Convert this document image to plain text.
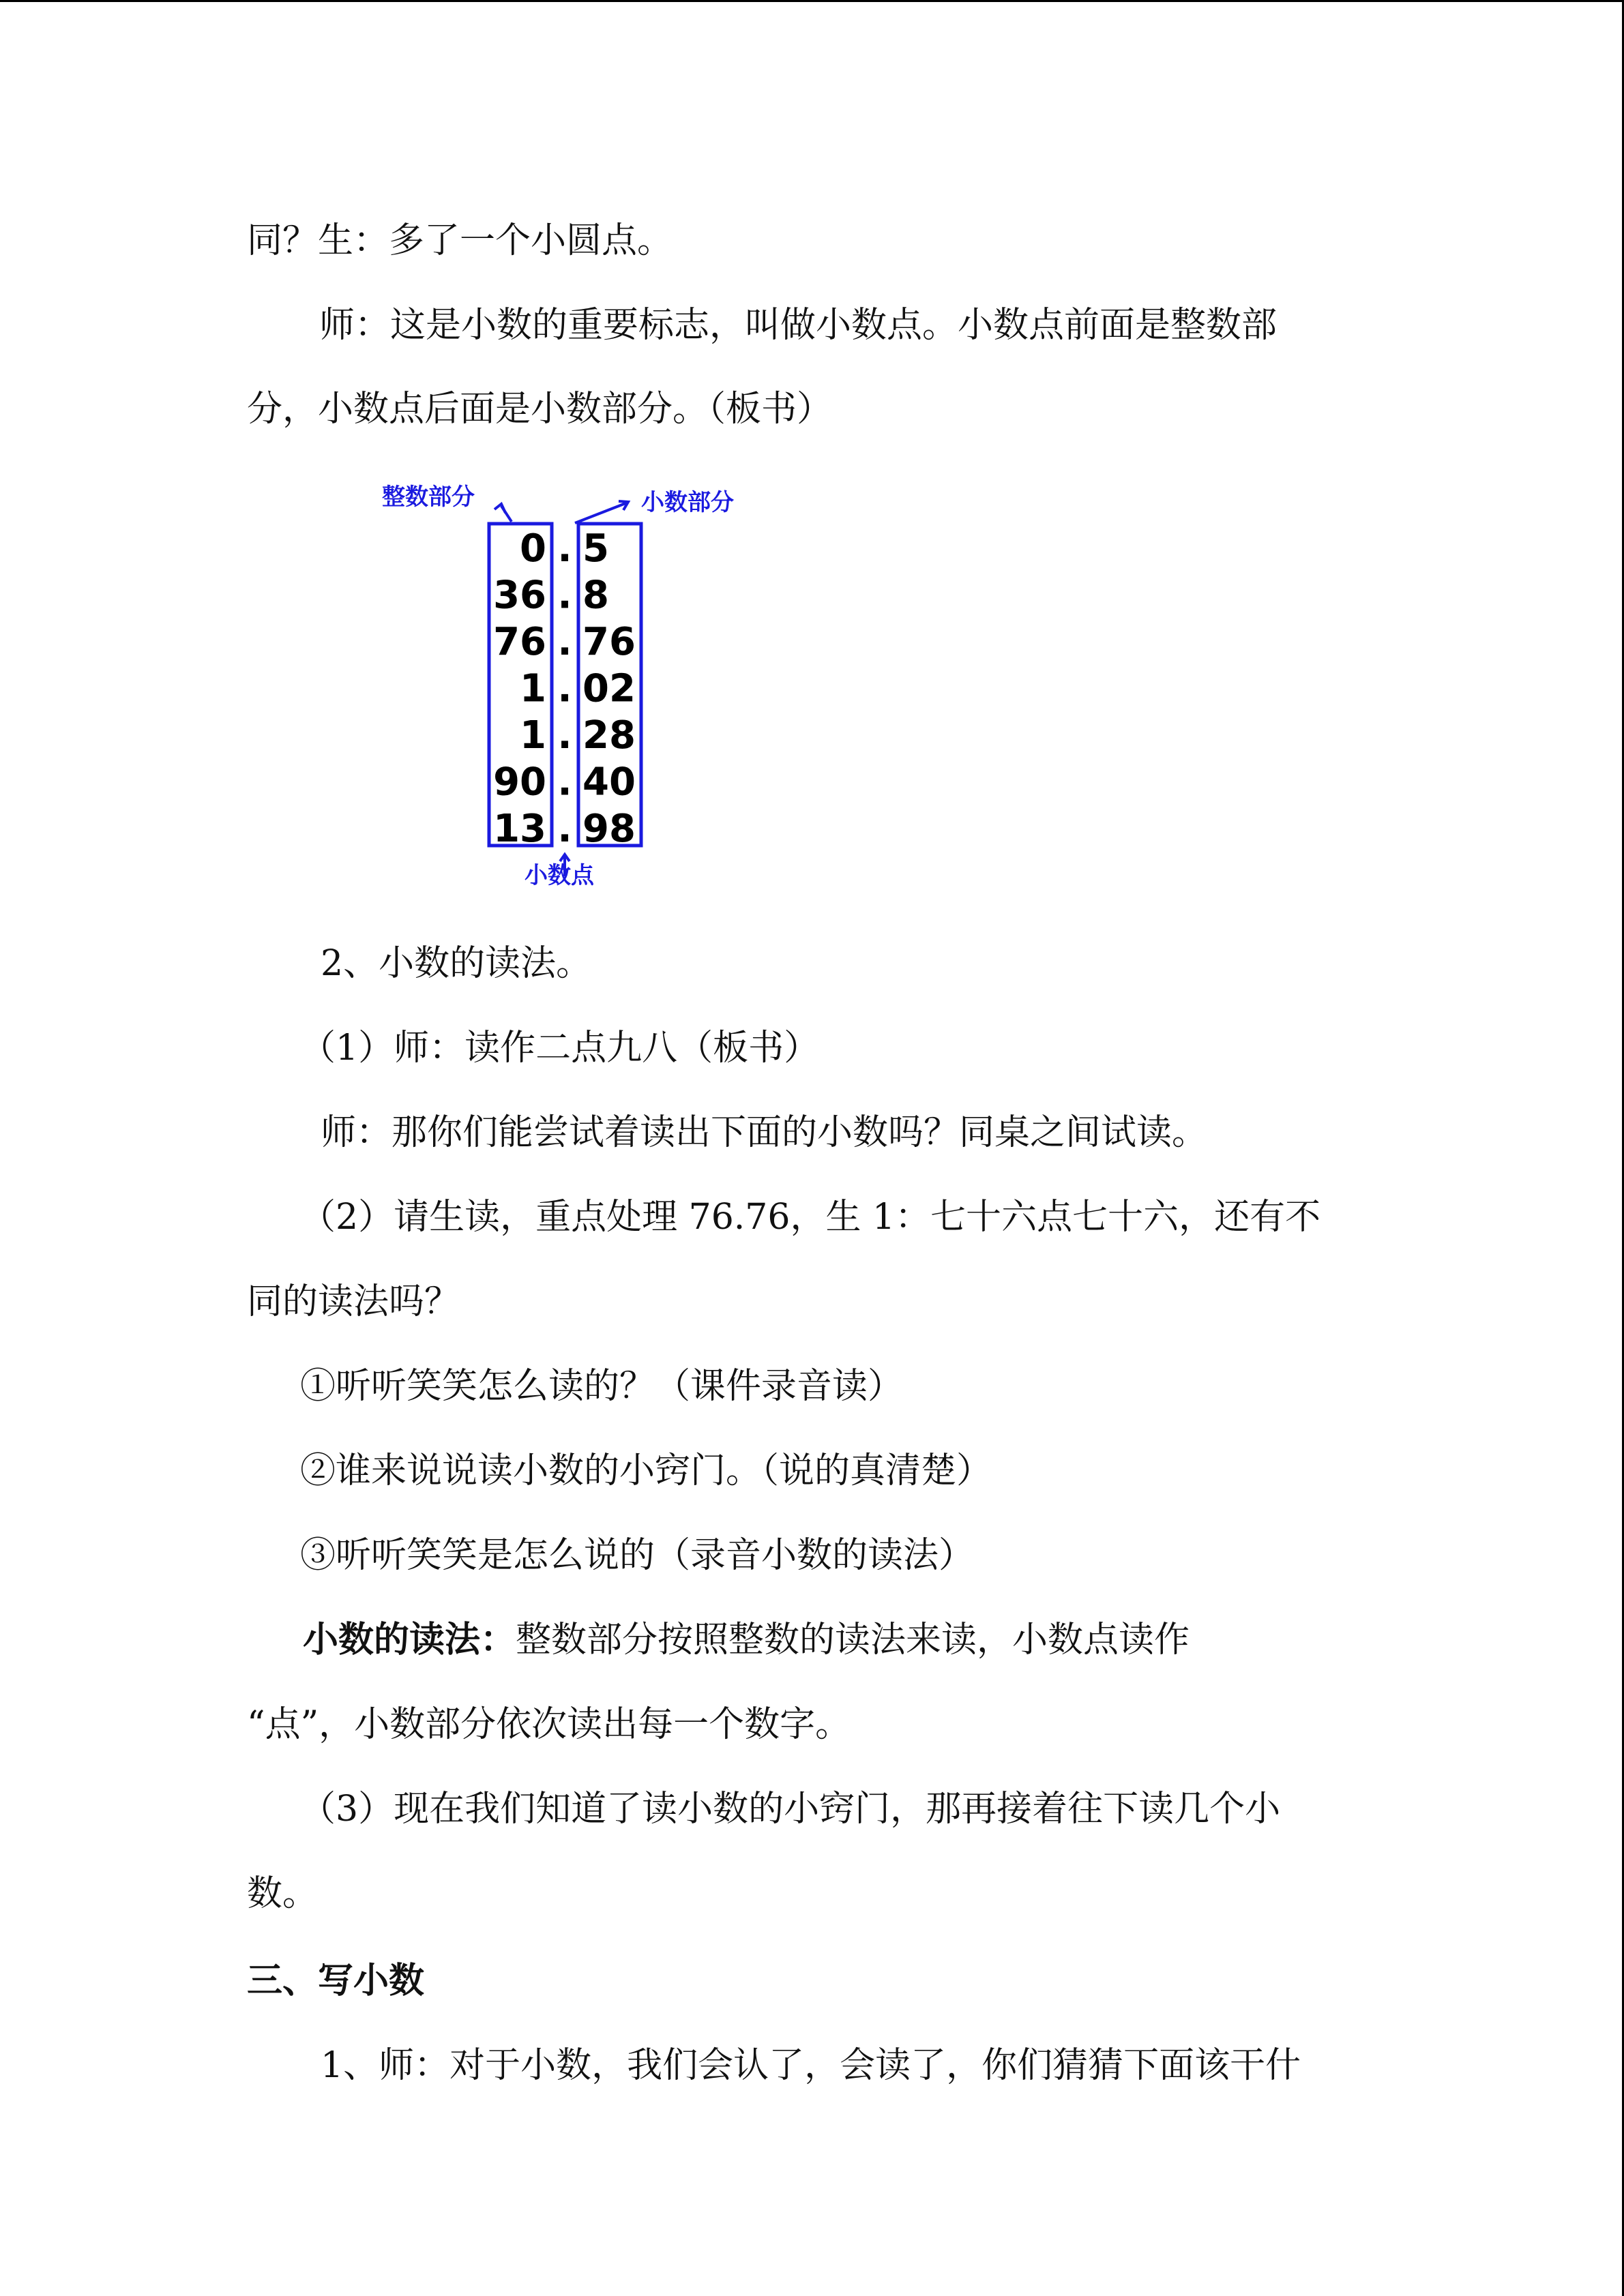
同？生：多了一个小圆点。

师：这是小数的重要标志，叫做小数点。小数点前面是整数部

分，小数点后面是小数部分。（板书）

整数部分	小数部分
0 . 5
36 . 8
76 . 76
1 . 02
1 . 28
90 . 40
13 . 98
小数点

2、小数的读法。

（1）师：读作二点九八（板书）

师：那你们能尝试着读出下面的小数吗？同桌之间试读。

（2）请生读，重点处理 76.76，生 1：七十六点七十六，还有不

同的读法吗？

①听听笑笑怎么读的？（课件录音读）

②谁来说说读小数的小窍门。（说的真清楚）

③听听笑笑是怎么说的（录音小数的读法）

小数的读法：整数部分按照整数的读法来读，小数点读作

“点”，小数部分依次读出每一个数字。

（3）现在我们知道了读小数的小窍门，那再接着往下读几个小

数。

三、写小数

1、师：对于小数，我们会认了，会读了，你们猜猜下面该干什
